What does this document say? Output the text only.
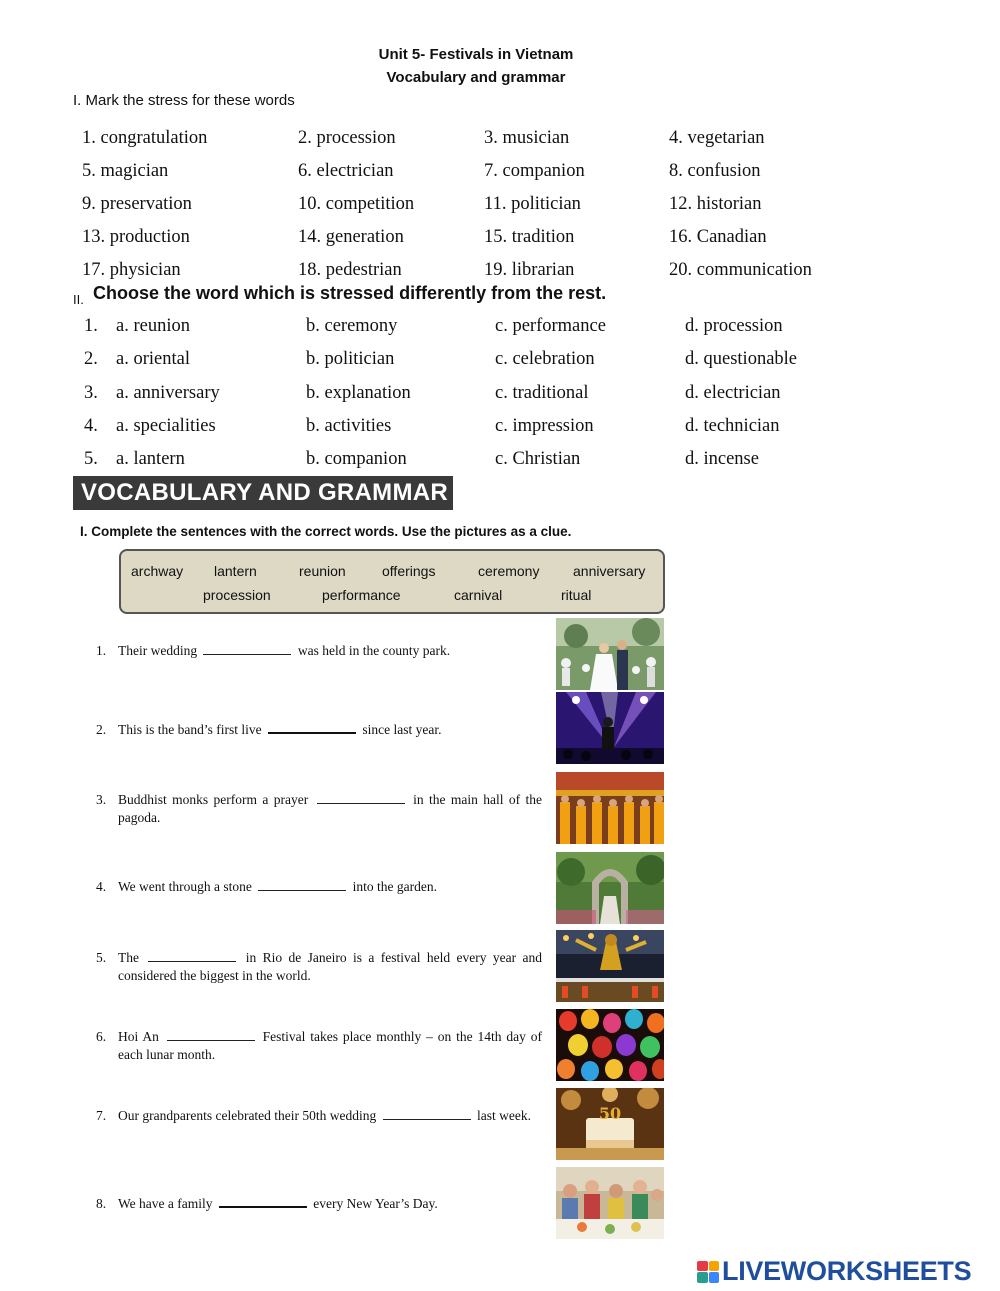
Unit 5- Festivals in Vietnam
Vocabulary and grammar
I. Mark the stress for these words
1. congratulation	2. procession	3. musician	4. vegetarian
5. magician	6. electrician	7. companion	8. confusion
9. preservation	10. competition	11. politician	12. historian
13. production	14. generation	15. tradition	16. Canadian
17. physician	18. pedestrian	19. librarian	20. communication
II. Choose the word which is stressed differently from the rest.
1. a. reunion	b. ceremony	c. performance	d. procession
2. a. oriental	b. politician	c. celebration	d. questionable
3. a. anniversary	b. explanation	c. traditional	d. electrician
4. a. specialities	b. activities	c. impression	d. technician
5. a. lantern	b. companion	c. Christian	d. incense
VOCABULARY AND GRAMMAR
I. Complete the sentences with the correct words. Use the pictures as a clue.
archway lantern	reunion	offerings	ceremony anniversary
procession	performance	carnival	ritual
1. Their wedding	was held in the county park.
2. This is the band’s first live	since last year.
3. Buddhist monks perform a prayer	in the main hall of the pagoda.
4. We went through a stone	into the garden.
5. The	in Rio de Janeiro is a festival held every year and considered the biggest in the world.
6. Hoi An	Festival takes place monthly – on the 14th day of each lunar month.
7. Our grandparents celebrated their 50th wedding	last week.
8. We have a family	every New Year’s Day.
50
LIVEWORKSHEETS
